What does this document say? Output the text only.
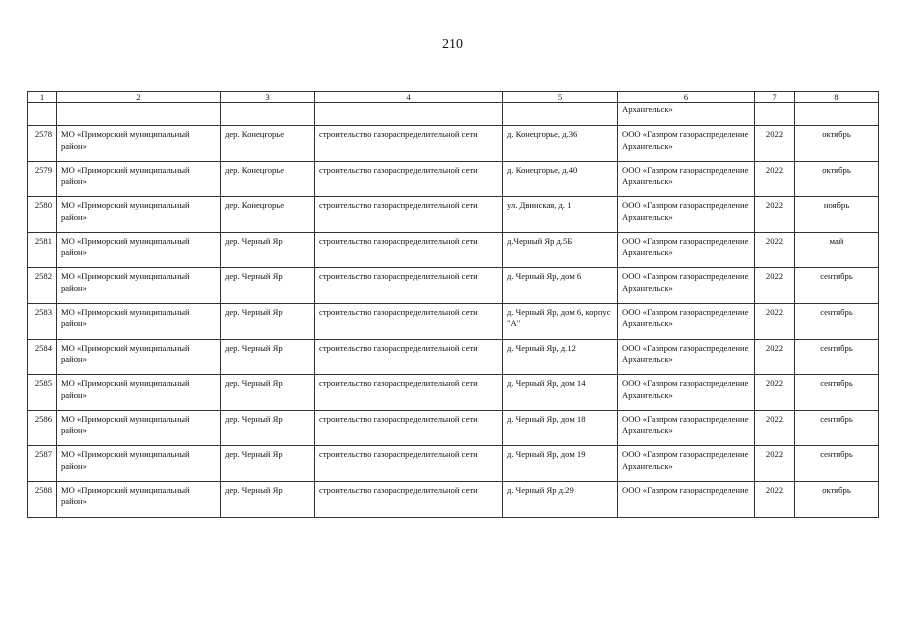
210
1	2	3	4	5	6	7	8
					Архангельск»		
2578	МО «Приморский муниципальный район»	дер. Конецгорье	строительство газораспределительной сети	д. Конецгорье, д.36	ООО «Газпром газораспределение Архангельск»	2022	октябрь
2579	МО «Приморский муниципальный район»	дер. Конецгорье	строительство газораспределительной сети	д. Конецгорье, д.40	ООО «Газпром газораспределение Архангельск»	2022	октябрь
2580	МО «Приморский муниципальный район»	дер. Конецгорье	строительство газораспределительной сети	ул. Двинская, д. 1	ООО «Газпром газораспределение Архангельск»	2022	ноябрь
2581	МО «Приморский муниципальный район»	дер. Черный Яр	строительство газораспределительной сети	д.Черный Яр д.5Б	ООО «Газпром газораспределение Архангельск»	2022	май
2582	МО «Приморский муниципальный район»	дер. Черный Яр	строительство газораспределительной сети	д. Черный Яр, дом 6	ООО «Газпром газораспределение Архангельск»	2022	сентябрь
2583	МО «Приморский муниципальный район»	дер. Черный Яр	строительство газораспределительной сети	д. Черный Яр, дом 6, корпус "А"	ООО «Газпром газораспределение Архангельск»	2022	сентябрь
2584	МО «Приморский муниципальный район»	дер. Черный Яр	строительство газораспределительной сети	д. Черный Яр, д.12	ООО «Газпром газораспределение Архангельск»	2022	сентябрь
2585	МО «Приморский муниципальный район»	дер. Черный Яр	строительство газораспределительной сети	д. Черный Яр, дом 14	ООО «Газпром газораспределение Архангельск»	2022	сентябрь
2586	МО «Приморский муниципальный район»	дер. Черный Яр	строительство газораспределительной сети	д. Черный Яр, дом 18	ООО «Газпром газораспределение Архангельск»	2022	сентябрь
2587	МО «Приморский муниципальный район»	дер. Черный Яр	строительство газораспределительной сети	д. Черный Яр, дом 19	ООО «Газпром газораспределение Архангельск»	2022	сентябрь
2588	МО «Приморский муниципальный район»	дер. Черный Яр	строительство газораспределительной сети	д. Черный Яр д.29	ООО «Газпром газораспределение	2022	октябрь
